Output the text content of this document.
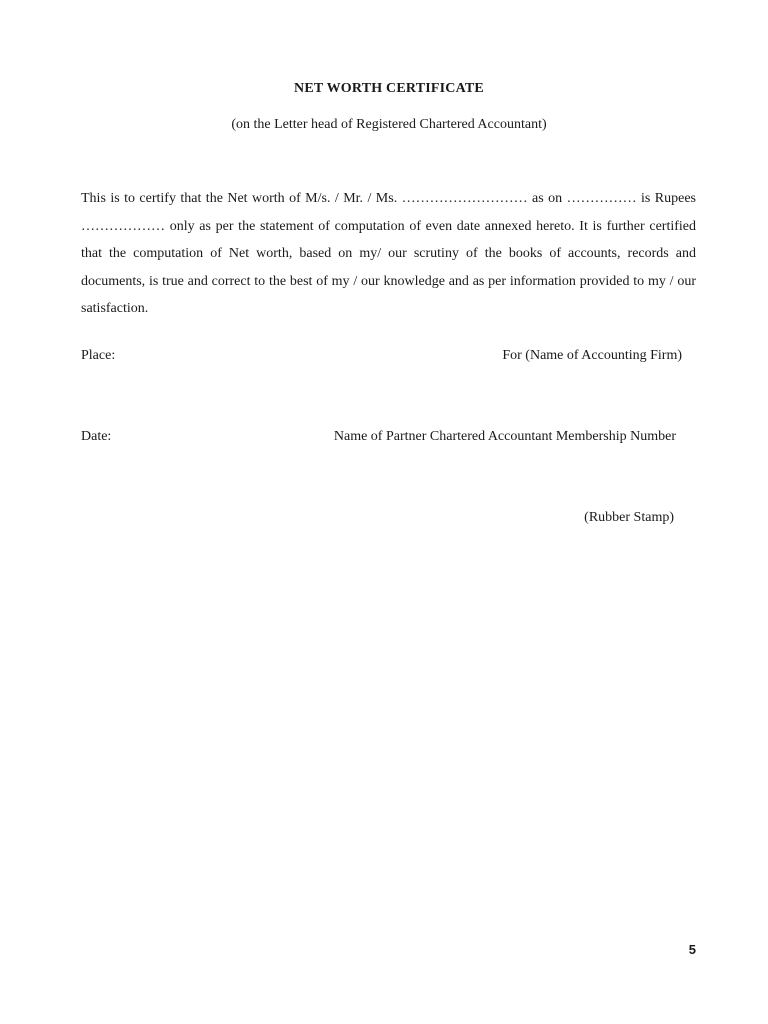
NET WORTH CERTIFICATE
(on the Letter head of Registered Chartered Accountant)

This is to certify that the Net worth of M/s. / Mr. / Ms. ……………………… as on …………… is Rupees ……………… only as per the statement of computation of even date annexed hereto. It is further certified that the computation of Net worth, based on my/ our scrutiny of the books of accounts, records and documents, is true and correct to the best of my / our knowledge and as per information provided to my / our satisfaction.

Place:	For (Name of Accounting Firm)
Date:	Name of Partner Chartered Accountant Membership Number
(Rubber Stamp)
5
